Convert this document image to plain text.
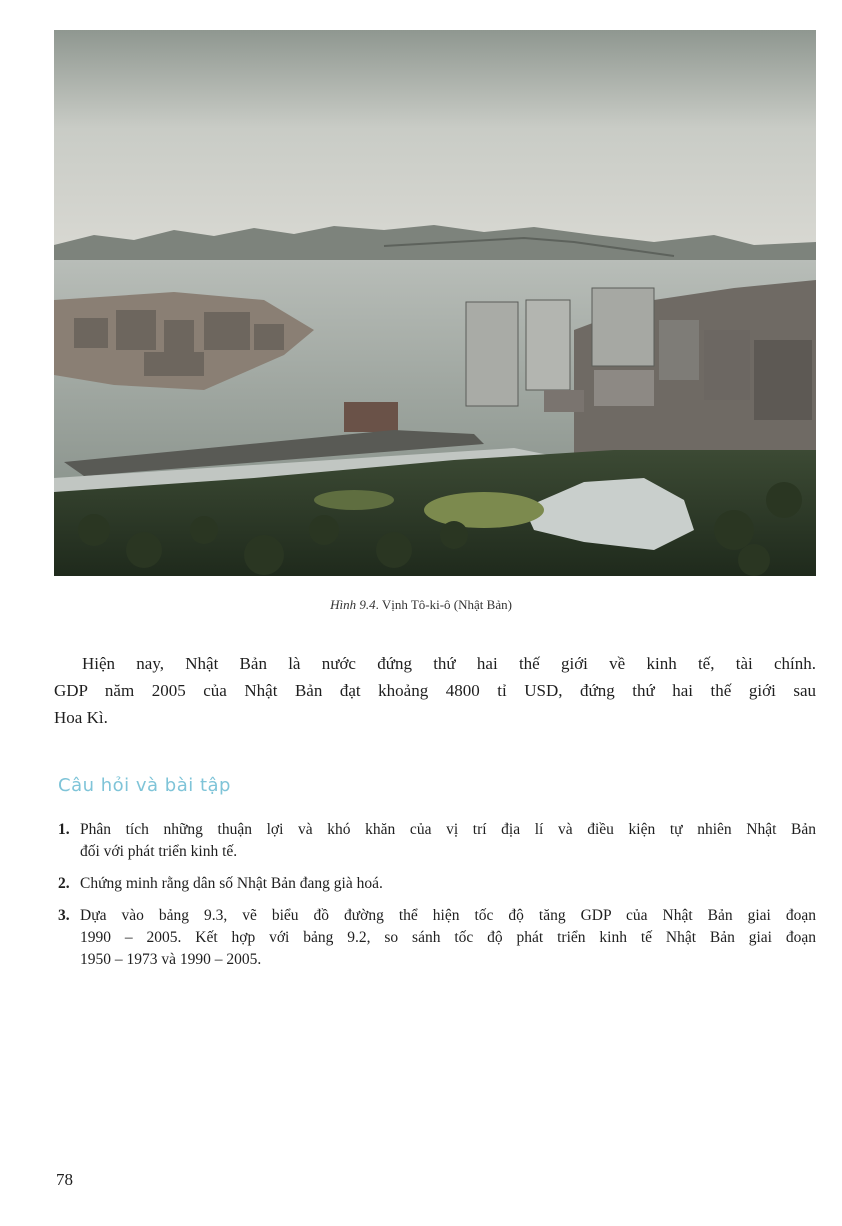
Hình 9.4. Vịnh Tô-ki-ô (Nhật Bản)
Hiện nay, Nhật Bản là nước đứng thứ hai thế giới về kinh tế, tài chính.
GDP năm 2005 của Nhật Bản đạt khoảng 4800 tỉ USD, đứng thứ hai thế giới sau
Hoa Kì.
Câu hỏi và bài tập
1. Phân tích những thuận lợi và khó khăn của vị trí địa lí và điều kiện tự nhiên Nhật Bản
đối với phát triển kinh tế.
2. Chứng minh rằng dân số Nhật Bản đang già hoá.
3. Dựa vào bảng 9.3, vẽ biểu đồ đường thể hiện tốc độ tăng GDP của Nhật Bản giai đoạn
1990 – 2005. Kết hợp với bảng 9.2, so sánh tốc độ phát triển kinh tế Nhật Bản giai đoạn
1950 – 1973 và 1990 – 2005.
78
